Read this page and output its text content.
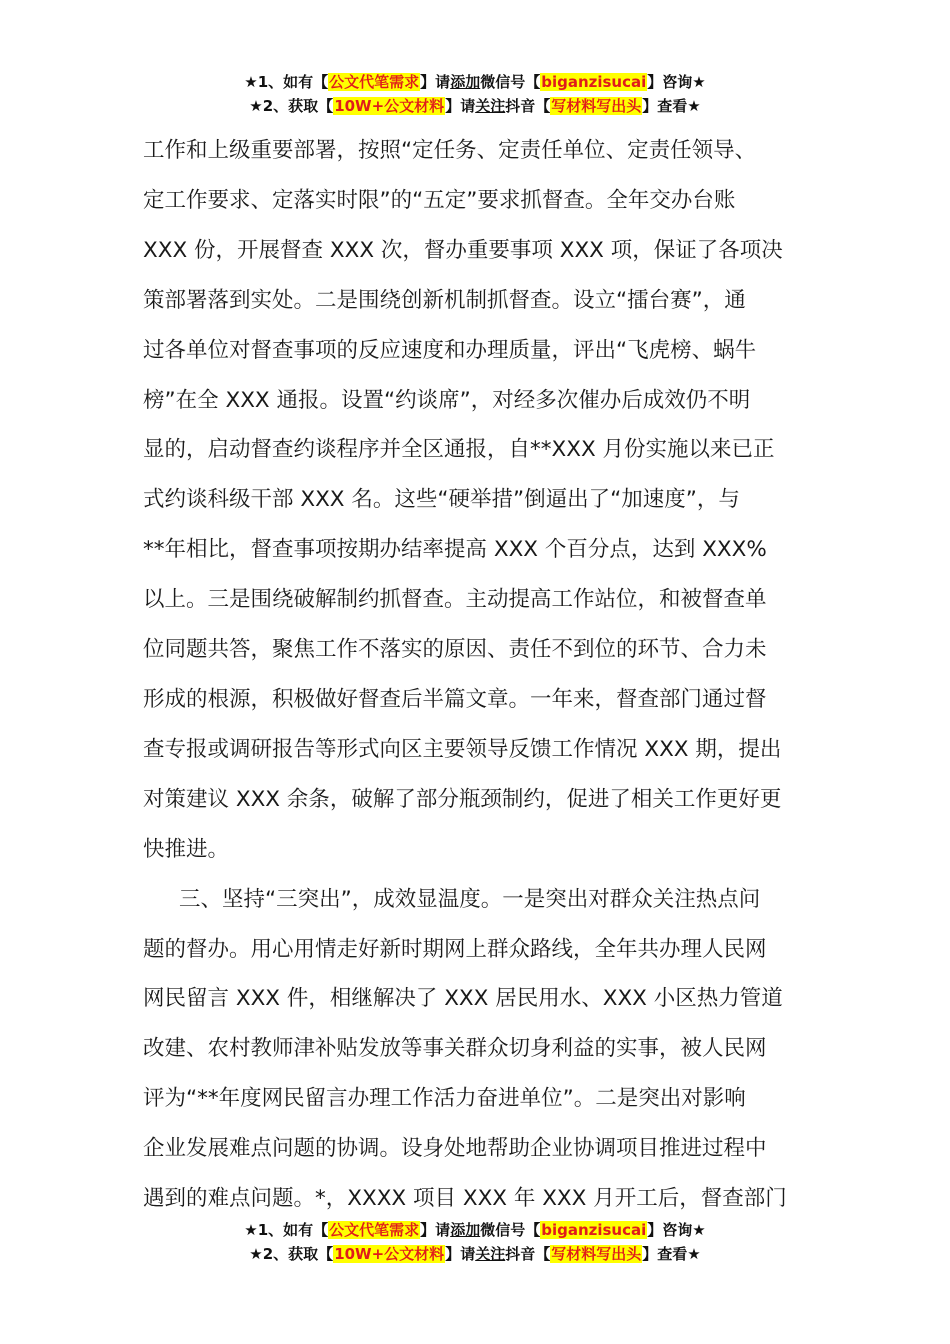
★1、如有【公文代笔需求】请添加微信号【biganzisucai】咨询★
★2、获取【10W+公文材料】请关注抖音【写材料写出头】查看★
工作和上级重要部署，按照“定任务、定责任单位、定责任领导、
定工作要求、定落实时限”的“五定”要求抓督查。全年交办台账
XXX 份，开展督查 XXX 次，督办重要事项 XXX 项，保证了各项决
策部署落到实处。二是围绕创新机制抓督查。设立“擂台赛”，通
过各单位对督查事项的反应速度和办理质量，评出“飞虎榜、蜗牛
榜”在全 XXX 通报。设置“约谈席”，对经多次催办后成效仍不明
显的，启动督查约谈程序并全区通报，自**XXX 月份实施以来已正
式约谈科级干部 XXX 名。这些“硬举措”倒逼出了“加速度”，与
**年相比，督查事项按期办结率提高 XXX 个百分点，达到 XXX%
以上。三是围绕破解制约抓督查。主动提高工作站位，和被督查单
位同题共答，聚焦工作不落实的原因、责任不到位的环节、合力未
形成的根源，积极做好督查后半篇文章。一年来，督查部门通过督
查专报或调研报告等形式向区主要领导反馈工作情况 XXX 期，提出
对策建议 XXX 余条，破解了部分瓶颈制约，促进了相关工作更好更
快推进。
三、坚持“三突出”，成效显温度。一是突出对群众关注热点问
题的督办。用心用情走好新时期网上群众路线，全年共办理人民网
网民留言 XXX 件，相继解决了 XXX 居民用水、XXX 小区热力管道
改建、农村教师津补贴发放等事关群众切身利益的实事，被人民网
评为“**年度网民留言办理工作活力奋进单位”。二是突出对影响
企业发展难点问题的协调。设身处地帮助企业协调项目推进过程中
遇到的难点问题。*，XXXX 项目 XXX 年 XXX 月开工后，督查部门
★1、如有【公文代笔需求】请添加微信号【biganzisucai】咨询★
★2、获取【10W+公文材料】请关注抖音【写材料写出头】查看★
